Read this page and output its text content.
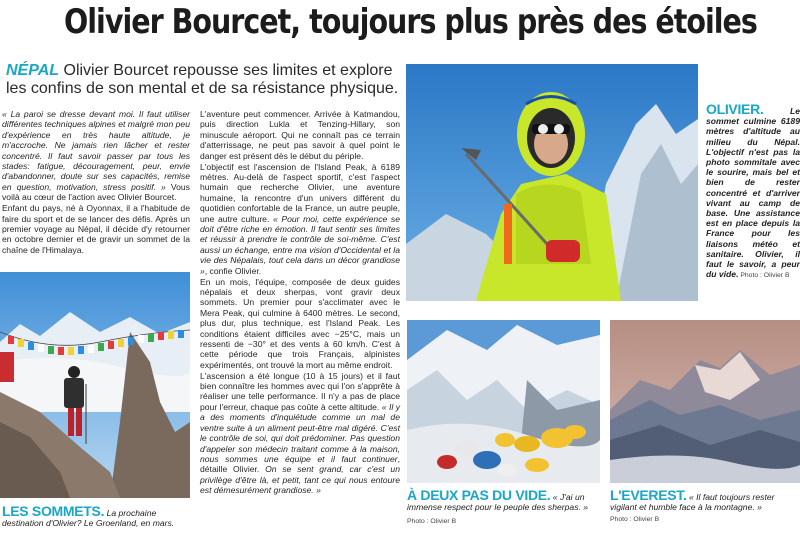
Olivier Bourcet, toujours plus près des étoiles
NÉPAL Olivier Bourcet repousse ses limites et explore les confins de son mental et de sa résistance physique.

« La paroi se dresse devant moi. Il faut utiliser différentes techniques alpines et malgré mon peu d'expérience en très haute altitude, je m'accroche. Ne jamais rien lâcher et rester concentré. Il faut savoir passer par tous les stades: fatigue, découragement, peur, envie d'abandonner, doute sur ses capacités, remise en question, motivation, stress positif. » Vous voilà au cœur de l'action avec Olivier Bourcet.

Enfant du pays, né à Oyonnax, il a l'habitude de faire du sport et de se lancer des défis. Après un premier voyage au Népal, il décide d'y retourner en octobre dernier et de gravir un sommet de la chaîne de l'Himalaya.

L'aventure peut commencer. Arrivée à Katmandou, puis direction Lukla et Tenzing-Hillary, son minuscule aéroport. Qui ne connaît pas ce terrain d'atterrissage, ne peut pas savoir à quel point le danger est présent dès le début du périple.

L'objectif est l'ascension de l'Island Peak, à 6189 mètres. Au-delà de l'aspect sportif, c'est l'aspect humain que recherche Olivier, une aventure humaine, la rencontre d'un univers différent du quotidien confortable de la France, un autre peuple, une autre culture. « Pour moi, cette expérience se doit d'être riche en émotion. Il faut sentir ses limites et réussir à prendre le contrôle de soi-même. C'est aussi un échange, entre ma vision d'Occidental et la vie des Népalais, tout cela dans un décor grandiose », confie Olivier.

En un mois, l'équipe, composée de deux guides népalais et deux sherpas, vont gravir deux sommets. Un premier pour s'acclimater avec le Mera Peak, qui culmine à 6400 mètres. Le second, plus dur, plus technique, est l'Island Peak. Les conditions étaient difficiles avec −25°C, mais un ressenti de −30° et des vents à 60 km/h. C'est à cette période que trois Français, alpinistes expérimentés, ont trouvé la mort au même endroit.

L'ascension a été longue (10 à 15 jours) et il faut bien connaître les hommes avec qui l'on s'apprête à réaliser une telle performance. Il n'y a pas de place pour l'erreur, chaque pas coûte à cette altitude. « Il y a des moments d'inquiétude comme un mal de ventre suite à un aliment peut-être mal digéré. C'est le contrôle de soi, qui doit prédominer. Pas question d'appeler son médecin traitant comme à la maison, nous sommes une équipe et il faut continuer, détaille Olivier. On se sent grand, car c'est un privilège d'être là, et petit, tant ce qui nous entoure est démesurément grandiose. »

LES SOMMETS. La prochaine destination d'Olivier? Le Groenland, en mars.
OLIVIER. Le sommet culmine 6189 mètres d'altitude au milieu du Népal. L'objectif n'est pas la photo sommitale avec le sourire, mais bel et bien de rester concentré et d'arriver vivant au camp de base. Une assistance est en place depuis la France pour les liaisons météo et sanitaire. Olivier, il faut le savoir, a peur du vide. Photo : Olivier B
À DEUX PAS DU VIDE. « J'ai un immense respect pour le peuple des sherpas. » Photo : Olivier B
L'EVEREST. « Il faut toujours rester vigilant et humble face à la montagne. »
Photo : Olivier B
